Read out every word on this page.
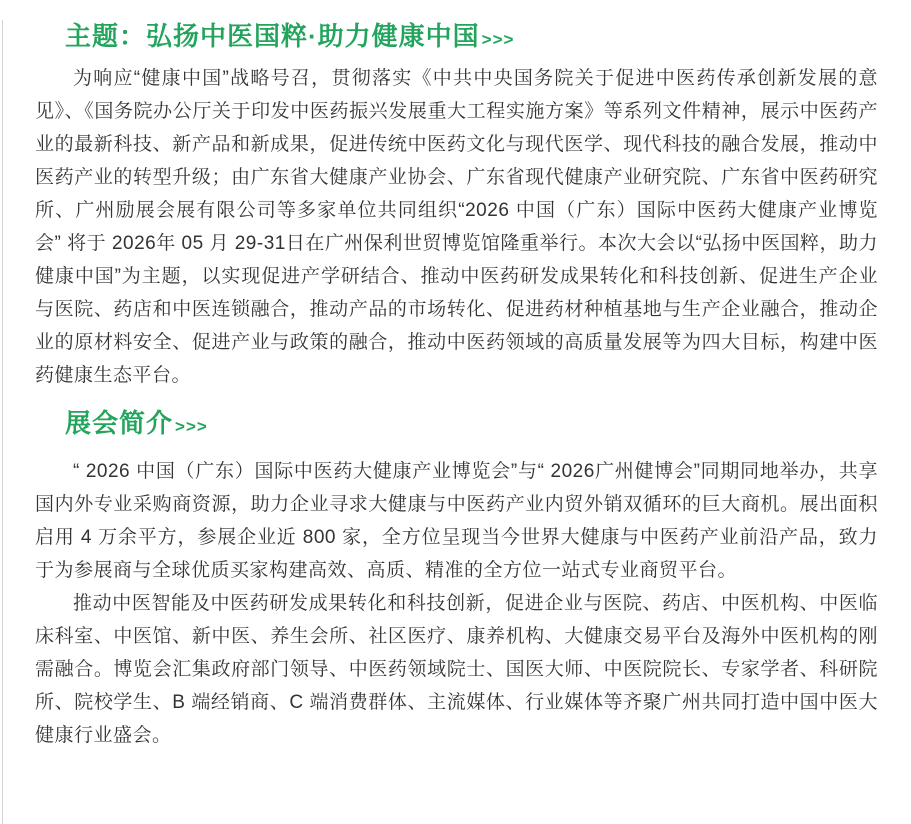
主题：弘扬中医国粹·助力健康中国 >>>

为响应“健康中国”战略号召，贯彻落实《中共中央国务院关于促进中医药传承创新发展的意见》、《国务院办公厅关于印发中医药振兴发展重大工程实施方案》等系列文件精神，展示中医药产业的最新科技、新产品和新成果，促进传统中医药文化与现代医学、现代科技的融合发展，推动中医药产业的转型升级；由广东省大健康产业协会、广东省现代健康产业研究院、广东省中医药研究所、广州励展会展有限公司等多家单位共同组织“2026 中国（广东）国际中医药大健康产业博览会” 将于 2026年 05 月 29-31日在广州保利世贸博览馆隆重举行。本次大会以“弘扬中医国粹，助力健康中国”为主题，以实现促进产学研结合、推动中医药研发成果转化和科技创新、促进生产企业与医院、药店和中医连锁融合，推动产品的市场转化、促进药材种植基地与生产企业融合，推动企业的原材料安全、促进产业与政策的融合，推动中医药领域的高质量发展等为四大目标，构建中医药健康生态平台。

展会简介 >>>

“ 2026 中国（广东）国际中医药大健康产业博览会”与“ 2026广州健博会”同期同地举办，共享国内外专业采购商资源，助力企业寻求大健康与中医药产业内贸外销双循环的巨大商机。展出面积启用 4 万余平方，参展企业近 800 家，全方位呈现当今世界大健康与中医药产业前沿产品，致力于为参展商与全球优质买家构建高效、高质、精准的全方位一站式专业商贸平台。

推动中医智能及中医药研发成果转化和科技创新，促进企业与医院、药店、中医机构、中医临床科室、中医馆、新中医、养生会所、社区医疗、康养机构、大健康交易平台及海外中医机构的刚需融合。博览会汇集政府部门领导、中医药领域院士、国医大师、中医院院长、专家学者、科研院所、院校学生、B 端经销商、C 端消费群体、主流媒体、行业媒体等齐聚广州共同打造中国中医大健康行业盛会。
